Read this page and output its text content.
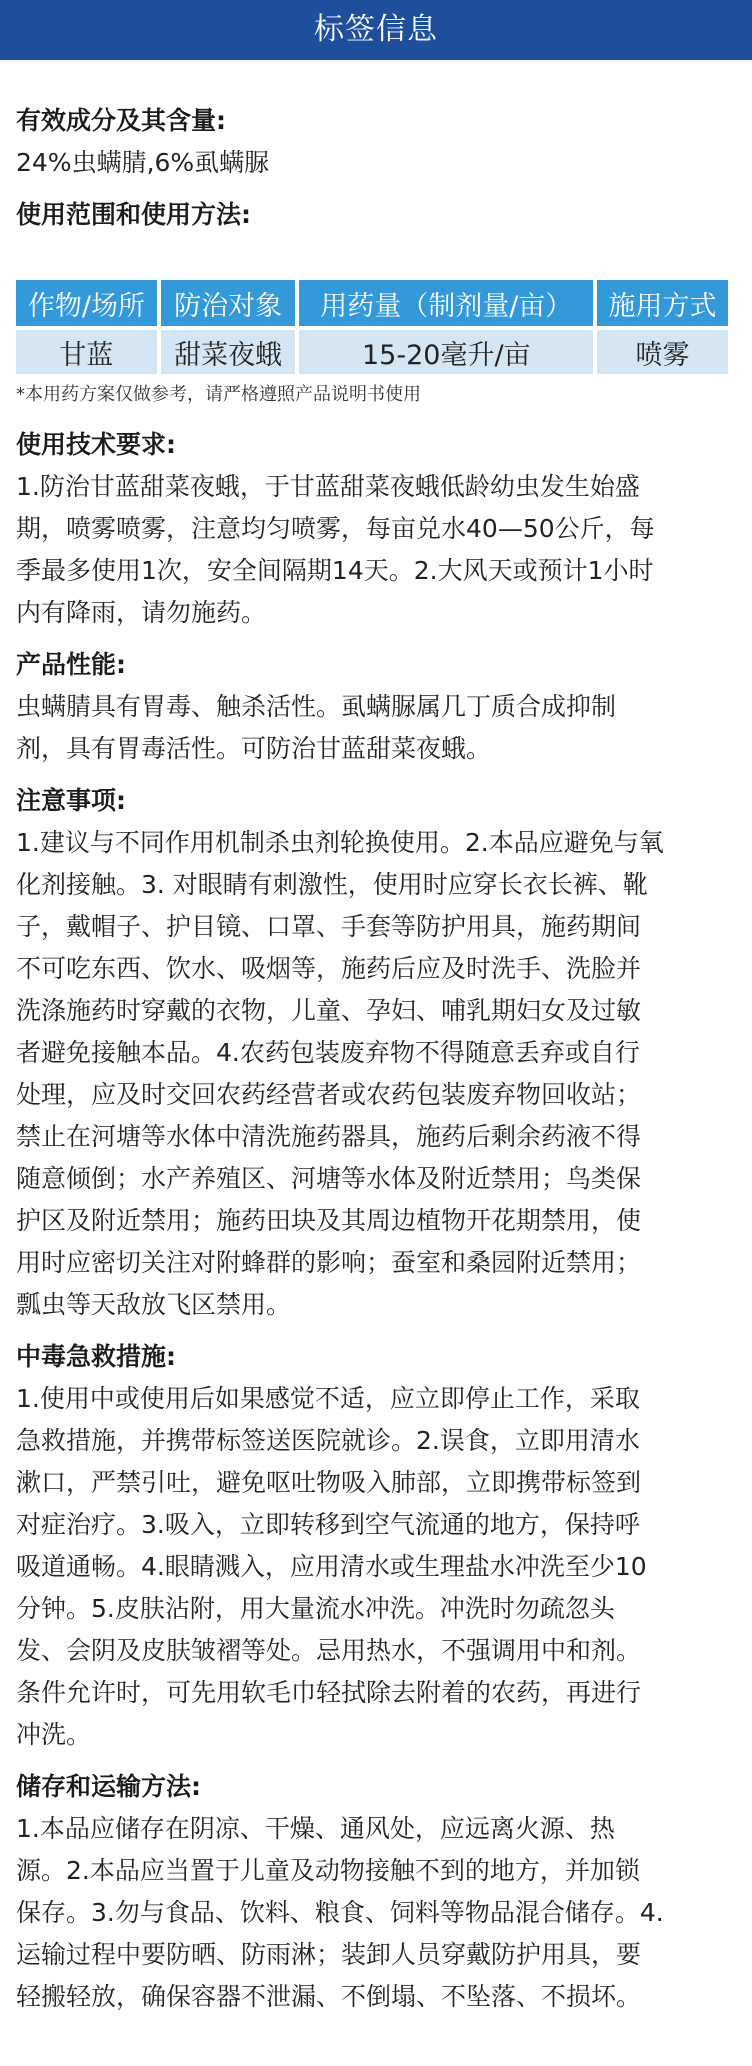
标签信息
有效成分及其含量:
24%虫螨腈,6%虱螨脲
使用范围和使用方法:
作物/场所	防治对象	用药量（制剂量/亩）	施用方式
甘蓝	甜菜夜蛾	15-20毫升/亩	喷雾
*本用药方案仅做参考，请严格遵照产品说明书使用
使用技术要求:
1.防治甘蓝甜菜夜蛾，于甘蓝甜菜夜蛾低龄幼虫发生始盛
期，喷雾喷雾，注意均匀喷雾，每亩兑水40—50公斤，每
季最多使用1次，安全间隔期14天。2.大风天或预计1小时
内有降雨，请勿施药。
产品性能:
虫螨腈具有胃毒、触杀活性。虱螨脲属几丁质合成抑制
剂，具有胃毒活性。可防治甘蓝甜菜夜蛾。
注意事项:
1.建议与不同作用机制杀虫剂轮换使用。2.本品应避免与氧
化剂接触。3. 对眼睛有刺激性，使用时应穿长衣长裤、靴
子，戴帽子、护目镜、口罩、手套等防护用具，施药期间
不可吃东西、饮水、吸烟等，施药后应及时洗手、洗脸并
洗涤施药时穿戴的衣物，儿童、孕妇、哺乳期妇女及过敏
者避免接触本品。4.农药包装废弃物不得随意丢弃或自行
处理，应及时交回农药经营者或农药包装废弃物回收站；
禁止在河塘等水体中清洗施药器具，施药后剩余药液不得
随意倾倒；水产养殖区、河塘等水体及附近禁用；鸟类保
护区及附近禁用；施药田块及其周边植物开花期禁用，使
用时应密切关注对附蜂群的影响；蚕室和桑园附近禁用；
瓢虫等天敌放飞区禁用。
中毒急救措施:
1.使用中或使用后如果感觉不适，应立即停止工作，采取
急救措施，并携带标签送医院就诊。2.误食，立即用清水
漱口，严禁引吐，避免呕吐物吸入肺部，立即携带标签到
对症治疗。3.吸入，立即转移到空气流通的地方，保持呼
吸道通畅。4.眼睛溅入，应用清水或生理盐水冲洗至少10
分钟。5.皮肤沾附，用大量流水冲洗。冲洗时勿疏忽头
发、会阴及皮肤皱褶等处。忌用热水，不强调用中和剂。
条件允许时，可先用软毛巾轻拭除去附着的农药，再进行
冲洗。
储存和运输方法:
1.本品应储存在阴凉、干燥、通风处，应远离火源、热
源。2.本品应当置于儿童及动物接触不到的地方，并加锁
保存。3.勿与食品、饮料、粮食、饲料等物品混合储存。4.
运输过程中要防晒、防雨淋；装卸人员穿戴防护用具，要
轻搬轻放，确保容器不泄漏、不倒塌、不坠落、不损坏。
